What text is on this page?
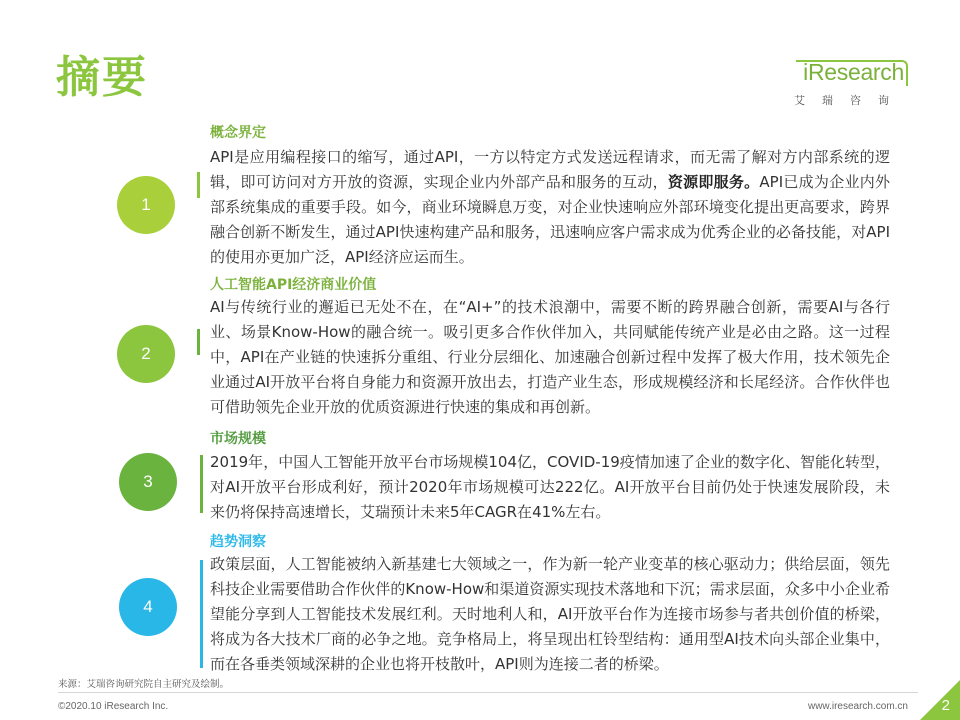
摘要	iResearch
艾瑞咨询
1
概念界定
API是应用编程接口的缩写，通过API，一方以特定方式发送远程请求，而无需了解对方内部系统的逻辑，即可访问对方开放的资源，实现企业内外部产品和服务的互动，资源即服务。API已成为企业内外部系统集成的重要手段。如今，商业环境瞬息万变，对企业快速响应外部环境变化提出更高要求，跨界融合创新不断发生，通过API快速构建产品和服务，迅速响应客户需求成为优秀企业的必备技能，对API的使用亦更加广泛，API经济应运而生。
2
人工智能API经济商业价值
AI与传统行业的邂逅已无处不在，在“AI+”的技术浪潮中，需要不断的跨界融合创新，需要AI与各行业、场景Know-How的融合统一。吸引更多合作伙伴加入，共同赋能传统产业是必由之路。这一过程中，API在产业链的快速拆分重组、行业分层细化、加速融合创新过程中发挥了极大作用，技术领先企业通过AI开放平台将自身能力和资源开放出去，打造产业生态，形成规模经济和长尾经济。合作伙伴也可借助领先企业开放的优质资源进行快速的集成和再创新。
3
市场规模
2019年，中国人工智能开放平台市场规模104亿，COVID-19疫情加速了企业的数字化、智能化转型，对AI开放平台形成利好，预计2020年市场规模可达222亿。AI开放平台目前仍处于快速发展阶段，未来仍将保持高速增长，艾瑞预计未来5年CAGR在41%左右。
4
趋势洞察
政策层面，人工智能被纳入新基建七大领域之一，作为新一轮产业变革的核心驱动力；供给层面，领先科技企业需要借助合作伙伴的Know-How和渠道资源实现技术落地和下沉；需求层面，众多中小企业希望能分享到人工智能技术发展红利。天时地利人和，AI开放平台作为连接市场参与者共创价值的桥梁，将成为各大技术厂商的必争之地。竞争格局上，将呈现出杠铃型结构：通用型AI技术向头部企业集中，而在各垂类领域深耕的企业也将开枝散叶，API则为连接二者的桥梁。
来源：艾瑞咨询研究院自主研究及绘制。
©2020.10 iResearch Inc.	www.iresearch.com.cn 2
